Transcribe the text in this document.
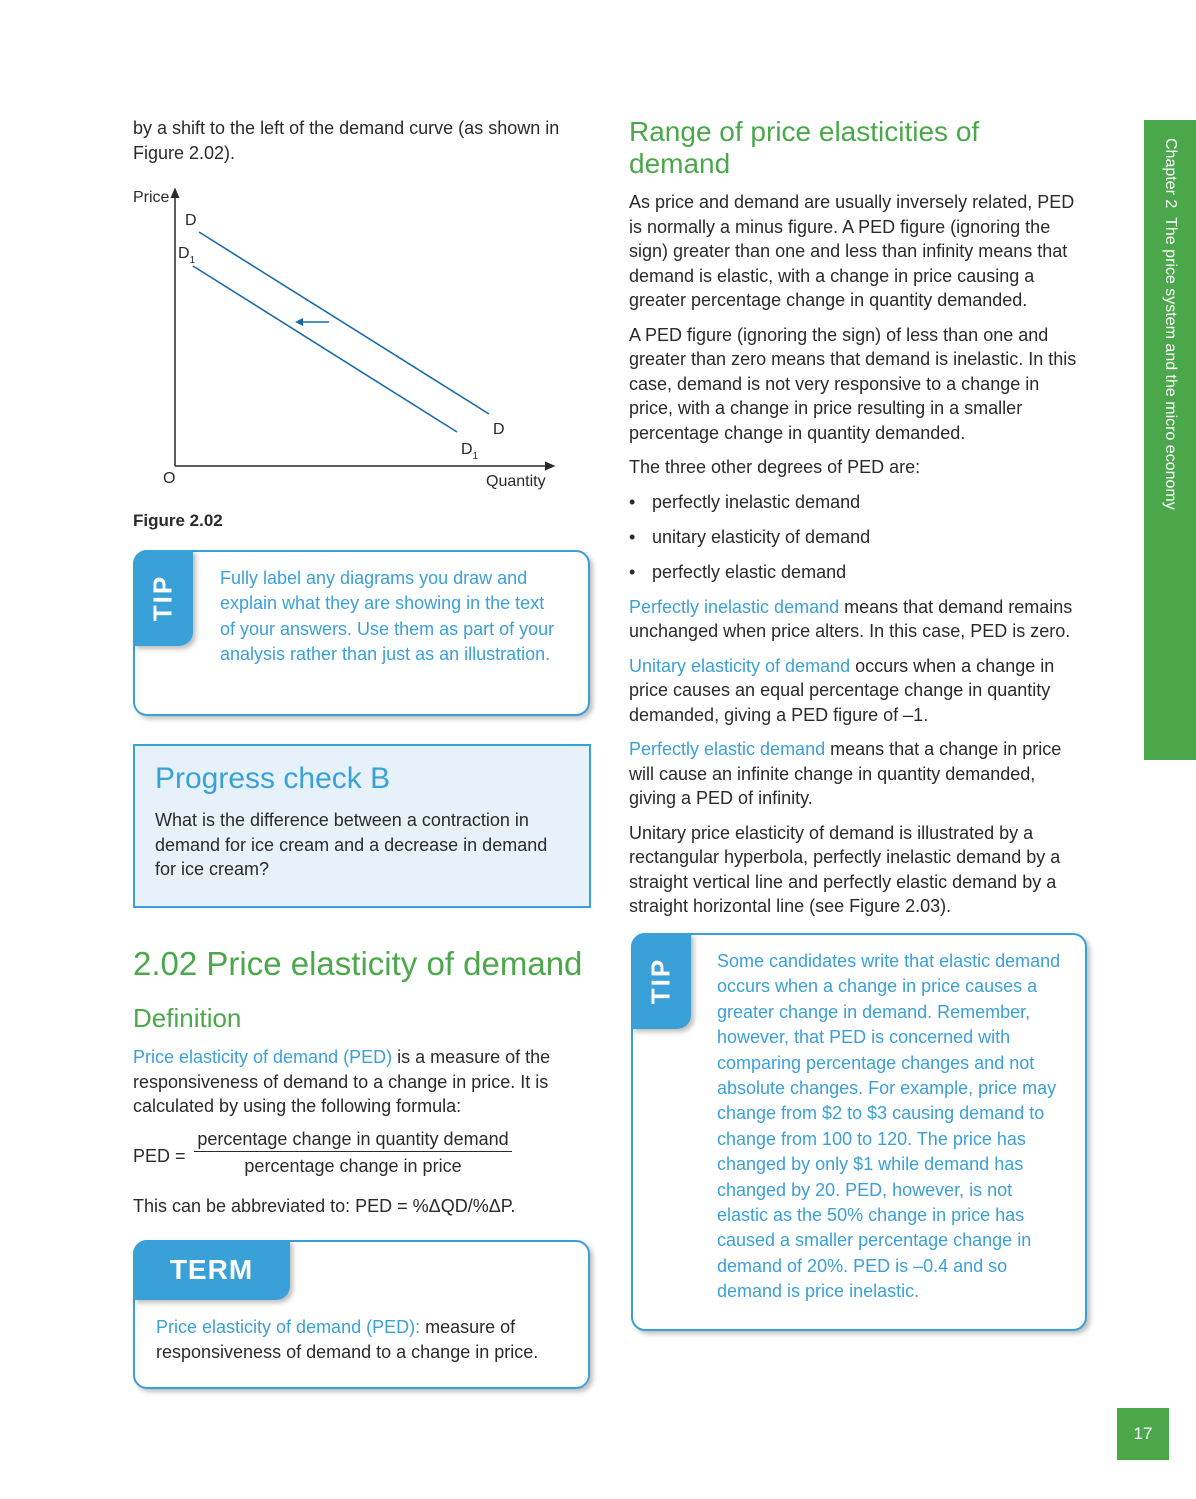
by a shift to the left of the demand curve (as shown in Figure 2.02).

Price
Quantity
O
D
$D_1$
D
$D_1$
Figure 2.02
TIP Fully label any diagrams you draw and explain what they are showing in the text of your answers. Use them as part of your analysis rather than just as an illustration.
Progress check B

What is the difference between a contraction in demand for ice cream and a decrease in demand for ice cream?

2.02 Price elasticity of demand
Definition

Price elasticity of demand (PED) is a measure of the responsiveness of demand to a change in price. It is calculated by using the following formula:

PED =
percentage change in quantity demand
percentage change in price

This can be abbreviated to: PED = %ΔQD/%ΔP.

TERM

Price elasticity of demand (PED): measure of responsiveness of demand to a change in price.

Range of price elasticities of demand

As price and demand are usually inversely related, PED is normally a minus figure. A PED figure (ignoring the sign) greater than one and less than infinity means that demand is elastic, with a change in price causing a greater percentage change in quantity demanded.

A PED figure (ignoring the sign) of less than one and greater than zero means that demand is inelastic. In this case, demand is not very responsive to a change in price, with a change in price resulting in a smaller percentage change in quantity demanded.

The three other degrees of PED are:

• perfectly inelastic demand
• unitary elasticity of demand
• perfectly elastic demand

Perfectly inelastic demand means that demand remains unchanged when price alters. In this case, PED is zero.

Unitary elasticity of demand occurs when a change in price causes an equal percentage change in quantity demanded, giving a PED figure of –1.

Perfectly elastic demand means that a change in price will cause an infinite change in quantity demanded, giving a PED of infinity.

Unitary price elasticity of demand is illustrated by a rectangular hyperbola, perfectly inelastic demand by a straight vertical line and perfectly elastic demand by a straight horizontal line (see Figure 2.03).

TIP Some candidates write that elastic demand occurs when a change in price causes a greater change in demand. Remember, however, that PED is concerned with comparing percentage changes and not absolute changes. For example, price may change from $2 to $3 causing demand to change from 100 to 120. The price has changed by only $1 while demand has changed by 20. PED, however, is not elastic as the 50% change in price has caused a smaller percentage change in demand of 20%. PED is –0.4 and so demand is price inelastic.
Chapter 2  The price system and the micro economy
17
